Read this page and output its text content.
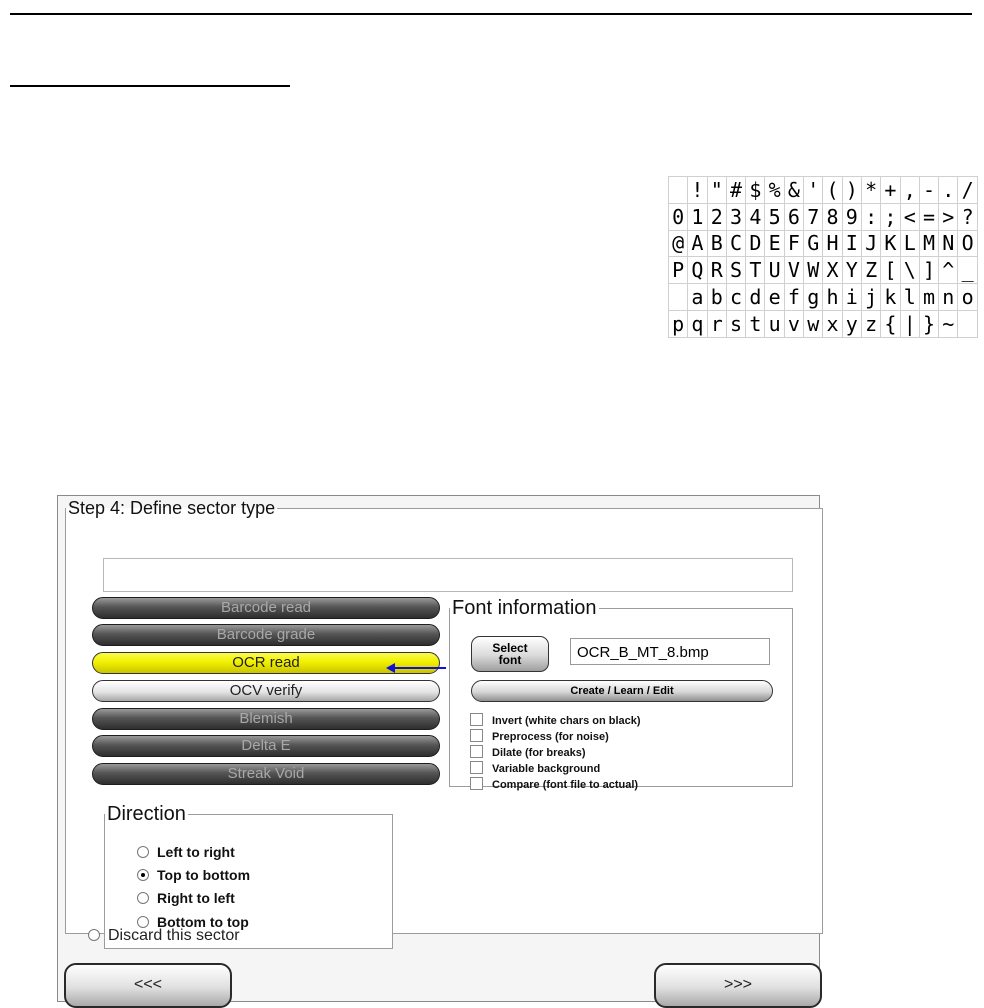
	!	"	#	$	%	&	'	(	)	*	+	,	-	.	/
0	1	2	3	4	5	6	7	8	9	:	;	<	=	>	?
@	A	B	C	D	E	F	G	H	I	J	K	L	M	N	O
P	Q	R	S	T	U	V	W	X	Y	Z	[	\	]	^	_
	a	b	c	d	e	f	g	h	i	j	k	l	m	n	o
p	q	r	s	t	u	v	w	x	y	z	{	|	}	~	
Step 4: Define sector type
Barcode read
Barcode grade
OCR read
OCV verify
Blemish
Delta E
Streak Void
Font information
Select
font	OCR_B_MT_8.bmp
Create / Learn / Edit
Invert (white chars on black)
Preprocess (for noise)
Dilate (for breaks)
Variable background
Compare (font file to actual)
Direction
Left to right
Top to bottom
Right to left
Bottom to top
Discard this sector
<<<	>>>
